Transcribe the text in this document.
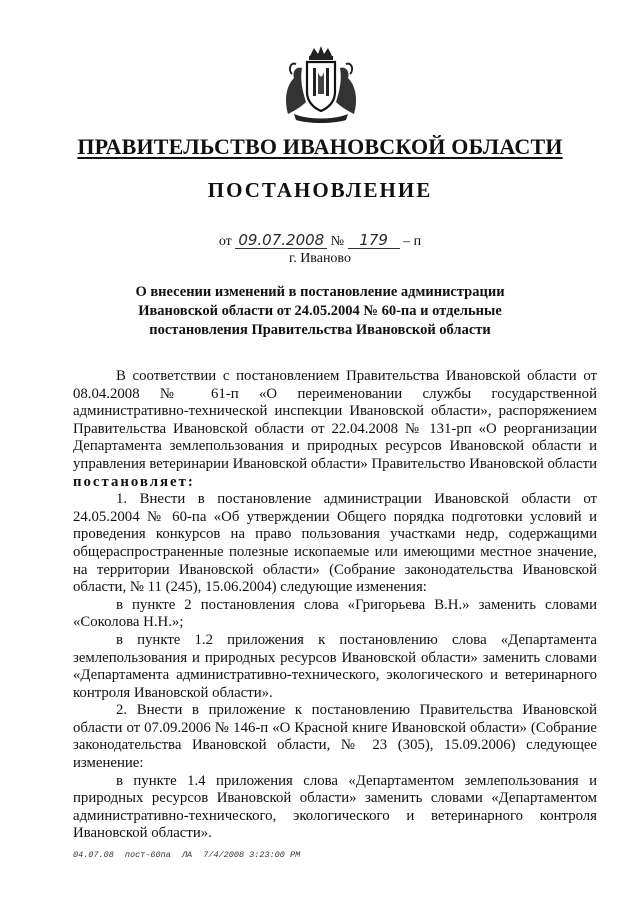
ПРАВИТЕЛЬСТВО ИВАНОВСКОЙ ОБЛАСТИ
ПОСТАНОВЛЕНИЕ
от 09.07.2008 № 179 – п
г. Иваново
О внесении изменений в постановление администрации Ивановской области от 24.05.2004 № 60-па и отдельные постановления Правительства Ивановской области

В соответствии с постановлением Правительства Ивановской области от 08.04.2008 № 61-п «О переименовании службы государственной административно-технической инспекции Ивановской области», распоряжением Правительства Ивановской области от 22.04.2008 № 131-рп «О реорганизации Департамента землепользования и природных ресурсов Ивановской области и управления ветеринарии Ивановской области» Правительство Ивановской области постановляет:

1. Внести в постановление администрации Ивановской области от 24.05.2004 № 60-па «Об утверждении Общего порядка подготовки условий и проведения конкурсов на право пользования участками недр, содержащими общераспространенные полезные ископаемые или имеющими местное значение, на территории Ивановской области» (Собрание законодательства Ивановской области, № 11 (245), 15.06.2004) следующие изменения:

в пункте 2 постановления слова «Григорьева В.Н.» заменить словами «Соколова Н.Н.»;

в пункте 1.2 приложения к постановлению слова «Департамента землепользования и природных ресурсов Ивановской области» заменить словами «Департамента административно-технического, экологического и ветеринарного контроля Ивановской области».

2. Внести в приложение к постановлению Правительства Ивановской области от 07.09.2006 № 146-п «О Красной книге Ивановской области» (Собрание законодательства Ивановской области, № 23 (305), 15.09.2006) следующее изменение:

в пункте 1.4 приложения слова «Департаментом землепользования и природных ресурсов Ивановской области» заменить словами «Департаментом административно-технического, экологического и ветеринарного контроля Ивановской области».

04.07.08 пост-60па ЛА 7/4/2008 3:23:00 PM
